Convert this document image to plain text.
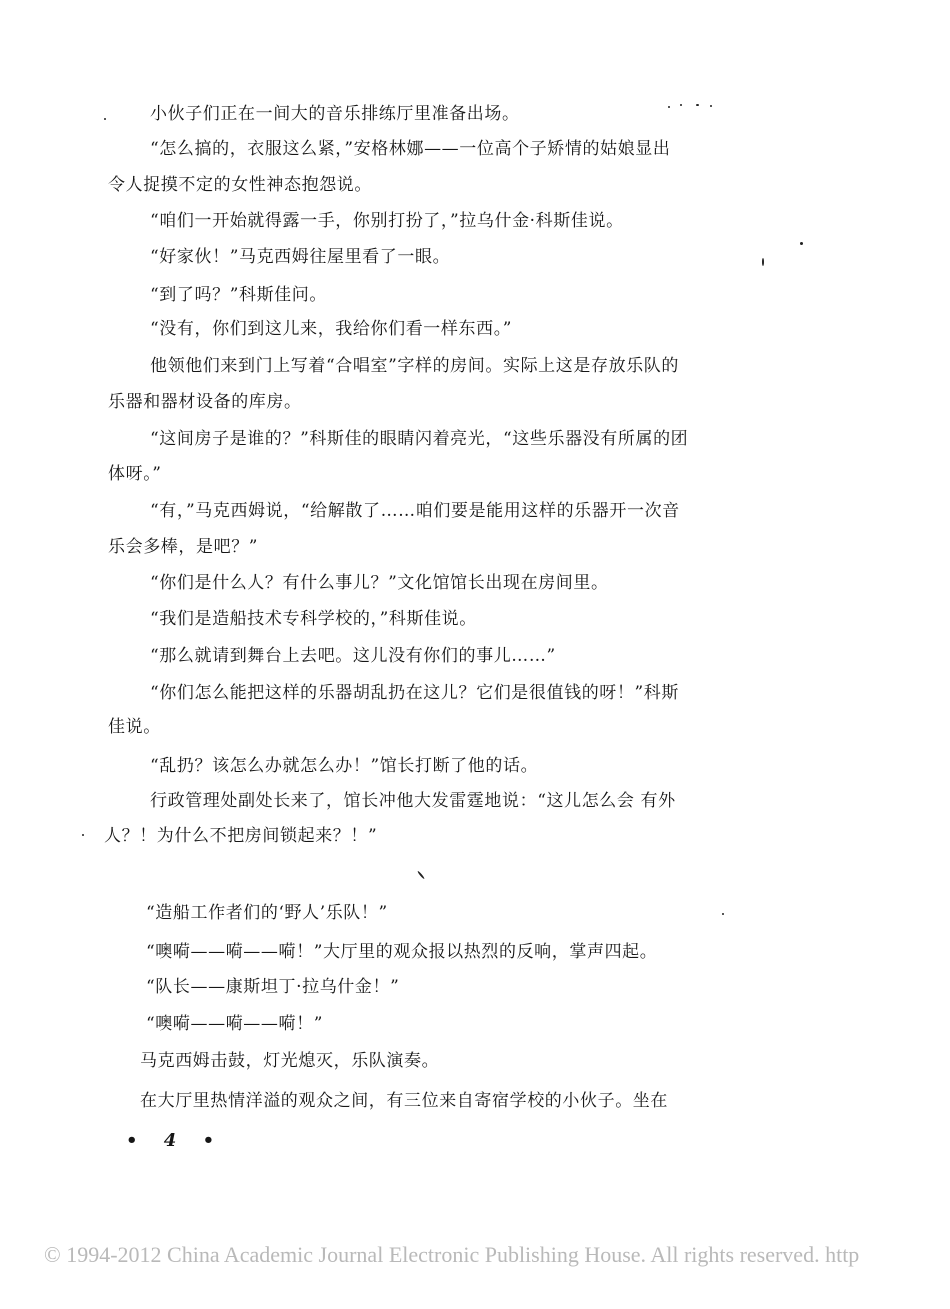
小伙子们正在一间大的音乐排练厅里准备出场。
“怎么搞的，衣服这么紧，”安格林娜——一位高个子矫情的姑娘显出
令人捉摸不定的女性神态抱怨说。
“咱们一开始就得露一手，你别打扮了，”拉乌什金·科斯佳说。
“好家伙！”马克西姆往屋里看了一眼。
“到了吗？”科斯佳问。
“没有，你们到这儿来，我给你们看一样东西。”
他领他们来到门上写着“合唱室”字样的房间。实际上这是存放乐队的
乐器和器材设备的库房。
“这间房子是谁的？”科斯佳的眼睛闪着亮光，“这些乐器没有所属的团
体呀。”
“有，”马克西姆说，“给解散了……咱们要是能用这样的乐器开一次音
乐会多棒，是吧？”
“你们是什么人？有什么事儿？”文化馆馆长出现在房间里。
“我们是造船技术专科学校的，”科斯佳说。
“那么就请到舞台上去吧。这儿没有你们的事儿……”
“你们怎么能把这样的乐器胡乱扔在这儿？它们是很值钱的呀！”科斯
佳说。
“乱扔？该怎么办就怎么办！”馆长打断了他的话。
行政管理处副处长来了，馆长冲他大发雷霆地说：“这儿怎么会 有外
人？！为什么不把房间锁起来？！”
“造船工作者们的‘野人’乐队！”
“噢嗬——嗬——嗬！”大厅里的观众报以热烈的反响，掌声四起。
“队长——康斯坦丁·拉乌什金！”
“噢嗬——嗬——嗬！”
马克西姆击鼓，灯光熄灭，乐队演奏。
在大厅里热情洋溢的观众之间，有三位来自寄宿学校的小伙子。坐在
• 4 •
© 1994-2012 China Academic Journal Electronic Publishing House. All rights reserved. http
